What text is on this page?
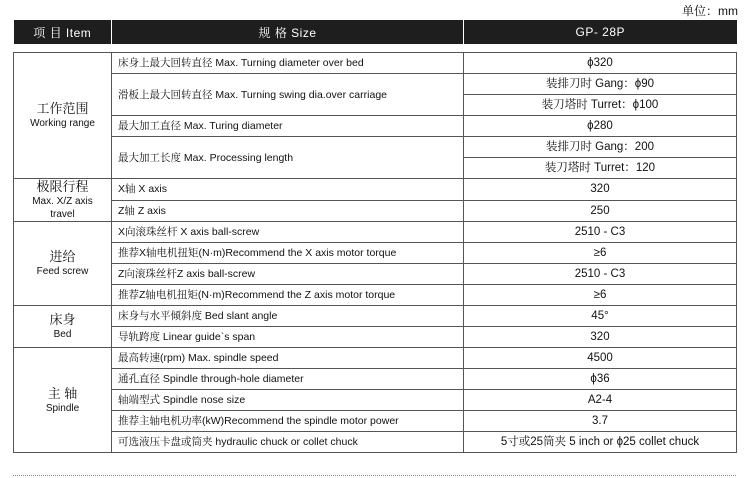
单位：mm
项 目 Item	规 格 Size	GP- 28P

工作范围
Working range	床身上最大回转直径 Max. Turning diameter over bed	ϕ320
	滑板上最大回转直径 Max. Turning swing dia.over carriage	装排刀时 Gang：ϕ90
		装刀塔时 Turret：ϕ100
	最大加工直径 Max. Turing diameter	ϕ280
	最大加工长度 Max. Processing length	装排刀时 Gang：200
		装刀塔时 Turret：120

极限行程
Max. X/Z axis travel	X轴 X axis	320
	Z轴 Z axis	250

进给
Feed screw	X向滚珠丝杆 X axis ball-screw	2510 - C3
	推荐X轴电机扭矩(N·m)Recommend the X axis motor torque	≥6
	Z向滚珠丝杆Z axis ball-screw	2510 - C3
	推荐Z轴电机扭矩(N·m)Recommend the Z axis motor torque	≥6

床身
Bed	床身与水平倾斜度 Bed slant angle	45°
	导轨跨度 Linear guide`s span	320

主 轴
Spindle	最高转速(rpm) Max. spindle speed	4500
	通孔直径 Spindle through-hole diameter	ϕ36
	轴端型式 Spindle nose size	A2-4
	推荐主轴电机功率(kW)Recommend the spindle motor power	3.7
	可选液压卡盘或筒夹 hydraulic chuck or collet chuck	5寸或25筒夹 5 inch or ϕ25 collet chuck
